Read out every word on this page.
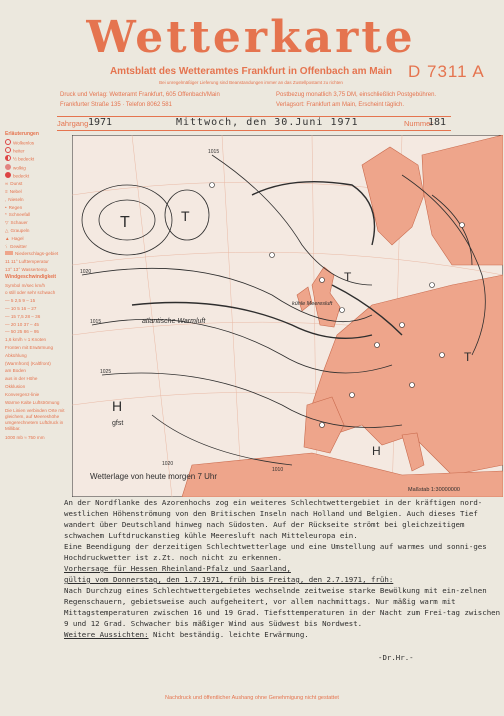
Wetterkarte
Amtsblatt des Wetteramtes Frankfurt in Offenbach am Main
Bei unregelmäßiger Lieferung sind Beanstandungen immer an das Zustellpostamt zu richten
D 7311 A
Druck und Verlag: Wetteramt Frankfurt, 605 Offenbach/Main
Frankfurter Straße 135 · Telefon 8062 581
Postbezug monatlich 3,75 DM, einschließlich Postgebühren.
Verlagsort: Frankfurt am Main, Erscheint täglich.
Jahrgang 1971	Mittwoch, den 30.Juni 1971	Nummer
181
Erläuterungen
Wolkenlos
heiter
½ bedeckt
wolkig
bedeckt
∞ Dunst
≡ Nebel
, Nieseln
• Regen
* Schneefall
▽ Schauer
△ Graupeln
▲ Hagel
ᛊ Gewitter
Niederschlags-gebiet
11 11° Lufttemperatur
13° 13° Wassertemp.
Windgeschwindigkeit
Symbol m/sec km/h
o still oder sehr schwach
— 5 2,5 9 – 15
— 10 5 16 – 27
— 15 7,5 28 – 36
— 20 10 37 – 45
— 50 25 86 – 95
1,6 km/h ≈ 1 Knoten
Fronten mit Erwärmung Abkühlung
(Warmfront) (Kaltfront)
am Boden
aus in der Höhe
Okklusion
Konvergenz-linie
Warme Kalte Luftströmung
Die Linien verbinden Orte mit gleichem, auf Meereshöhe umgerechnetem Luftdruck in Millibar.
1000 mb ≈ 750 mm
T	T
H
gfst
T
T
H
1020
1015
1025
1010
1015
1020
atlantische Warmluft
kühle Meeresluft
Wetterlage von heute morgen 7 Uhr
Maßstab 1:30000000

An der Nordflanke des Azorenhochs zog ein weiteres Schlechtwettergebiet in der kräftigen nord-westlichen Höhenströmung von den Britischen Inseln nach Holland und Belgien. Auch dieses Tief wandert über Deutschland hinweg nach Südosten. Auf der Rückseite strömt bei gleichzeitigem schwachem Luftdruckanstieg kühle Meeresluft nach Mitteleuropa ein.

Eine Beendigung der derzeitigen Schlechtwetterlage und eine Umstellung auf warmes und sonni-ges Hochdruckwetter ist z.Zt. noch nicht zu erkennen.

Vorhersage für Hessen Rheinland-Pfalz und Saarland,

gültig vom Donnerstag, den 1.7.1971, früh bis Freitag, den 2.7.1971, früh:

Nach Durchzug eines Schlechtwettergebietes wechselnde zeitweise starke Bewölkung mit ein-zelnen Regenschauern, gebietsweise auch aufgeheitert, vor allem nachmittags. Nur mäßig warm mit Mittagstemperaturen zwischen 16 und 19 Grad. Tiefsttemperaturen in der Nacht zum Frei-tag zwischen 9 und 12 Grad. Schwacher bis mäßiger Wind aus Südwest bis Nordwest.

Weitere Aussichten: Nicht beständig. leichte Erwärmung.

-Dr.Hr.-
Nachdruck und öffentlicher Aushang ohne Genehmigung nicht gestattet
